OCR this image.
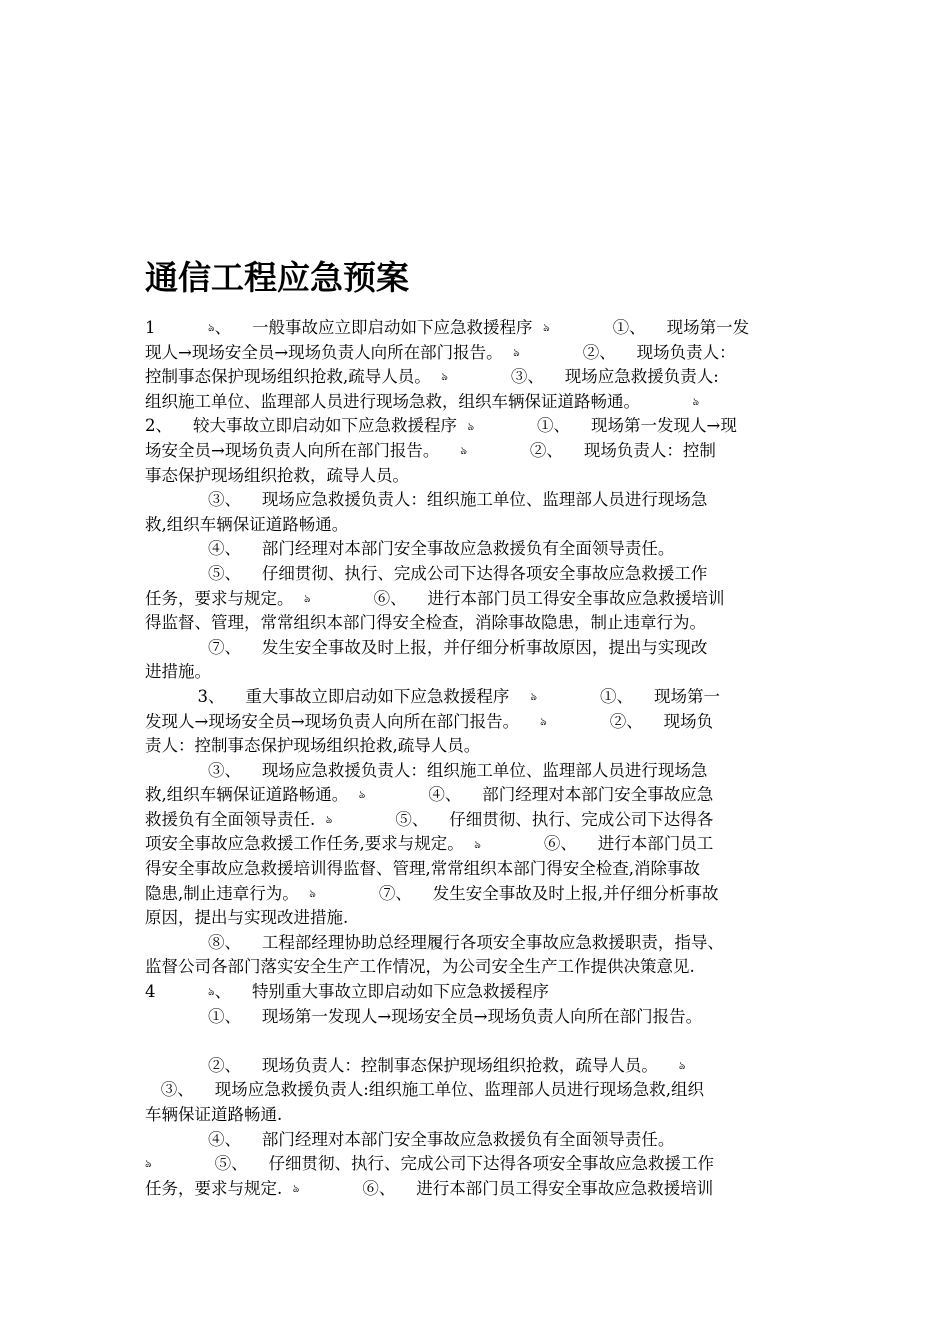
通信工程应急预案
1          ঌ、    一般事故应立即启动如下应急救援程序  ঌ            ①、    现场第一发
现人→现场安全员→现场负责人向所在部门报告。  ঌ            ②、    现场负责人：
控制事态保护现场组织抢救,疏导人员。  ঌ            ③、    现场应急救援负责人:
组织施工单位、监理部人员进行现场急救，组织车辆保证道路畅通。          ঌ
2、    较大事故立即启动如下应急救援程序  ঌ            ①、    现场第一发现人→现
场安全员→现场负责人向所在部门报告。    ঌ            ②、    现场负责人：控制
事态保护现场组织抢救，疏导人员。
③、    现场应急救援负责人：组织施工单位、监理部人员进行现场急
救,组织车辆保证道路畅通。
④、    部门经理对本部门安全事故应急救援负有全面领导责任。
⑤、    仔细贯彻、执行、完成公司下达得各项安全事故应急救援工作
任务，要求与规定。  ঌ            ⑥、    进行本部门员工得安全事故应急救援培训
得监督、管理，常常组织本部门得安全检查，消除事故隐患，制止违章行为。
⑦、    发生安全事故及时上报，并仔细分析事故原因，提出与实现改
进措施。
3、    重大事故立即启动如下应急救援程序    ঌ            ①、    现场第一
发现人→现场安全员→现场负责人向所在部门报告。    ঌ            ②、    现场负
责人：控制事态保护现场组织抢救,疏导人员。
③、    现场应急救援负责人：组织施工单位、监理部人员进行现场急
救,组织车辆保证道路畅通。  ঌ            ④、    部门经理对本部门安全事故应急
救援负有全面领导责任.  ঌ            ⑤、    仔细贯彻、执行、完成公司下达得各
项安全事故应急救援工作任务,要求与规定。  ঌ            ⑥、    进行本部门员工
得安全事故应急救援培训得监督、管理,常常组织本部门得安全检查,消除事故
隐患,制止违章行为。  ঌ            ⑦、    发生安全事故及时上报,并仔细分析事故
原因，提出与实现改进措施.
⑧、    工程部经理协助总经理履行各项安全事故应急救援职责，指导、
监督公司各部门落实安全生产工作情况，为公司安全生产工作提供决策意见.
4          ঌ、    特别重大事故立即启动如下应急救援程序
①、    现场第一发现人→现场安全员→现场负责人向所在部门报告。
②、    现场负责人：控制事态保护现场组织抢救，疏导人员。    ঌ
③、    现场应急救援负责人:组织施工单位、监理部人员进行现场急救,组织
车辆保证道路畅通.
④、    部门经理对本部门安全事故应急救援负有全面领导责任。
ঌ            ⑤、    仔细贯彻、执行、完成公司下达得各项安全事故应急救援工作
任务，要求与规定.  ঌ            ⑥、    进行本部门员工得安全事故应急救援培训
